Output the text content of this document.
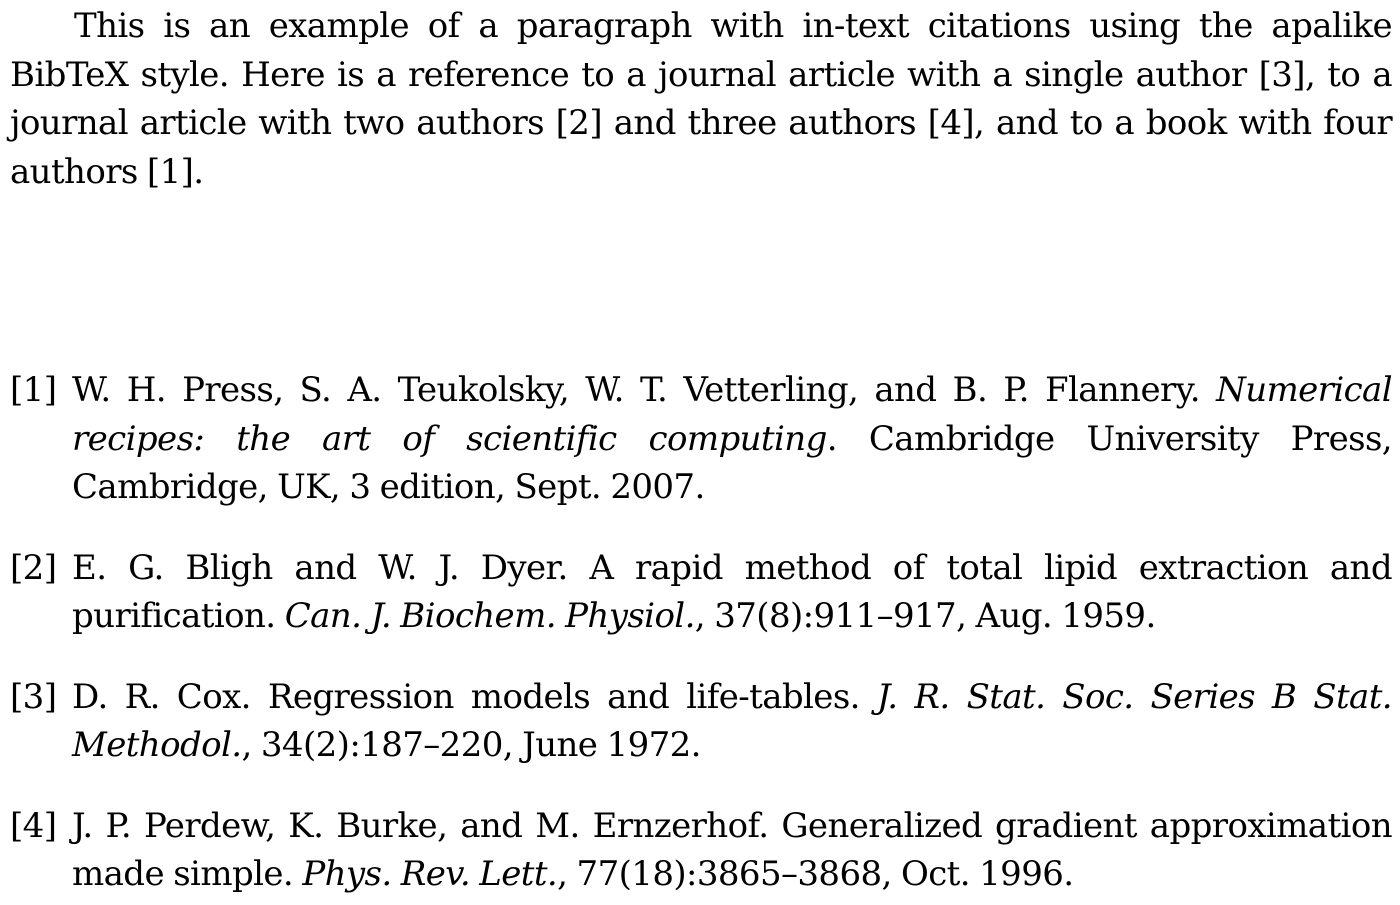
This is an example of a paragraph with in-text citations using the apalike BibTeX style. Here is a reference to a journal article with a single author [3], to a journal article with two authors [2] and three authors [4], and to a book with four authors [1].

[1] W. H. Press, S. A. Teukolsky, W. T. Vetterling, and B. P. Flannery. Numerical recipes: the art of scientific computing. Cambridge University Press, Cambridge, UK, 3 edition, Sept. 2007.
[2] E. G. Bligh and W. J. Dyer. A rapid method of total lipid extraction and purification. Can. J. Biochem. Physiol., 37(8):911–917, Aug. 1959.
[3] D. R. Cox. Regression models and life-tables. J. R. Stat. Soc. Series B Stat. Methodol., 34(2):187–220, June 1972.
[4] J. P. Perdew, K. Burke, and M. Ernzerhof. Generalized gradient approximation made simple. Phys. Rev. Lett., 77(18):3865–3868, Oct. 1996.
